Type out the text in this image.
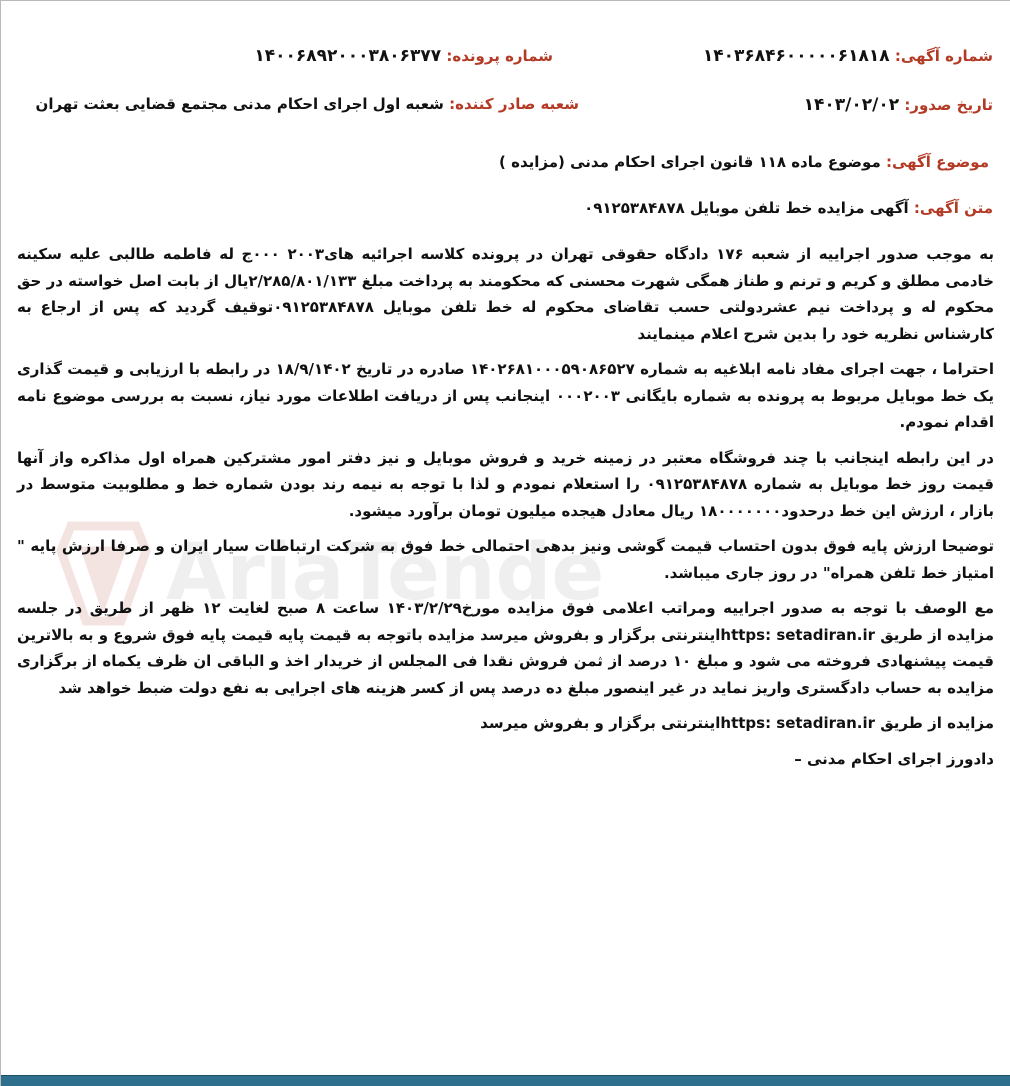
AriaTende
شماره آگهی: ۱۴۰۳۶۸۴۶۰۰۰۰۰۶۱۸۱۸
شماره پرونده: ۱۴۰۰۶۸۹۲۰۰۰۳۸۰۶۳۷۷
تاریخ صدور: ۱۴۰۳/۰۲/۰۲
شعبه صادر کننده: شعبه اول اجرای احکام مدنی مجتمع قضایی بعثت تهران
موضوع آگهی: موضوع ماده ۱۱۸ قانون اجرای احکام مدنی (مزایده )
متن آگهی: آگهی مزایده خط تلفن موبایل ۰۹۱۲۵۳۸۴۸۷۸

به موجب صدور اجراییه از شعبه ۱۷۶ دادگاه حقوقی تهران در پرونده کلاسه اجرائیه های۲۰۰۳ ۰۰۰ج له فاطمه طالبی علیه سکینه خادمی مطلق و کریم و ترنم و طناز همگی شهرت محسنی که محکومند به پرداخت مبلغ ۲/۲۸۵/۸۰۱/۱۳۳یال از بابت اصل خواسته در حق محکوم له و پرداخت نیم عشردولتی حسب تقاضای محکوم له خط تلفن موبایل ۰۹۱۲۵۳۸۴۸۷۸توقیف گردید که پس از ارجاع به کارشناس نظریه خود را بدین شرح اعلام مینمایند

احتراما ، جهت اجرای مفاد نامه ابلاغیه به شماره ۱۴۰۲۶۸۱۰۰۰۵۹۰۸۶۵۲۷ صادره در تاریخ ۱۸/۹/۱۴۰۲ در رابطه با ارزیابی و قیمت گذاری یک خط موبایل مربوط به پرونده به شماره بایگانی ۰۰۰۲۰۰۳ اینجانب پس از دریافت اطلاعات مورد نیاز، نسبت به بررسی موضوع نامه اقدام نمودم.

در این رابطه اینجانب با چند فروشگاه معتبر در زمینه خرید و فروش موبایل و نیز دفتر امور مشترکین همراه اول مذاکره واز آنها قیمت روز خط موبایل به شماره ۰۹۱۲۵۳۸۴۸۷۸ را استعلام نمودم و لذا با توجه به نیمه رند بودن شماره خط و مطلوبیت متوسط در بازار ، ارزش این خط درحدود۱۸۰۰۰۰۰۰۰ ریال معادل هیجده میلیون تومان برآورد میشود.

توضیحا ارزش پایه فوق بدون احتساب قیمت گوشی ونیز بدهی احتمالی خط فوق به شرکت ارتباطات سیار ایران و صرفا ارزش پایه " امتیاز خط تلفن همراه" در روز جاری میباشد.

مع الوصف با توجه به صدور اجراییه ومراتب اعلامی فوق مزایده مورخ۱۴۰۳/۲/۲۹ ساعت ۸ صبح لغایت ۱۲ ظهر از طریق در جلسه مزایده از طریق https: setadiran.irاینترنتی برگزار و بفروش میرسد مزایده باتوجه به قیمت پایه قیمت پایه فوق شروع و به بالاترین قیمت پیشنهادی فروخته می شود و مبلغ ۱۰ درصد از ثمن فروش نقدا فی المجلس از خریدار اخذ و الباقی ان ظرف یکماه از برگزاری مزایده به حساب دادگستری واریز نماید در غیر اینصور مبلغ ده درصد پس از کسر هزینه های اجرایی به نفع دولت ضبط خواهد شد

مزایده از طریق https: setadiran.irاینترنتی برگزار و بفروش میرسد

دادورز اجرای احکام مدنی –
